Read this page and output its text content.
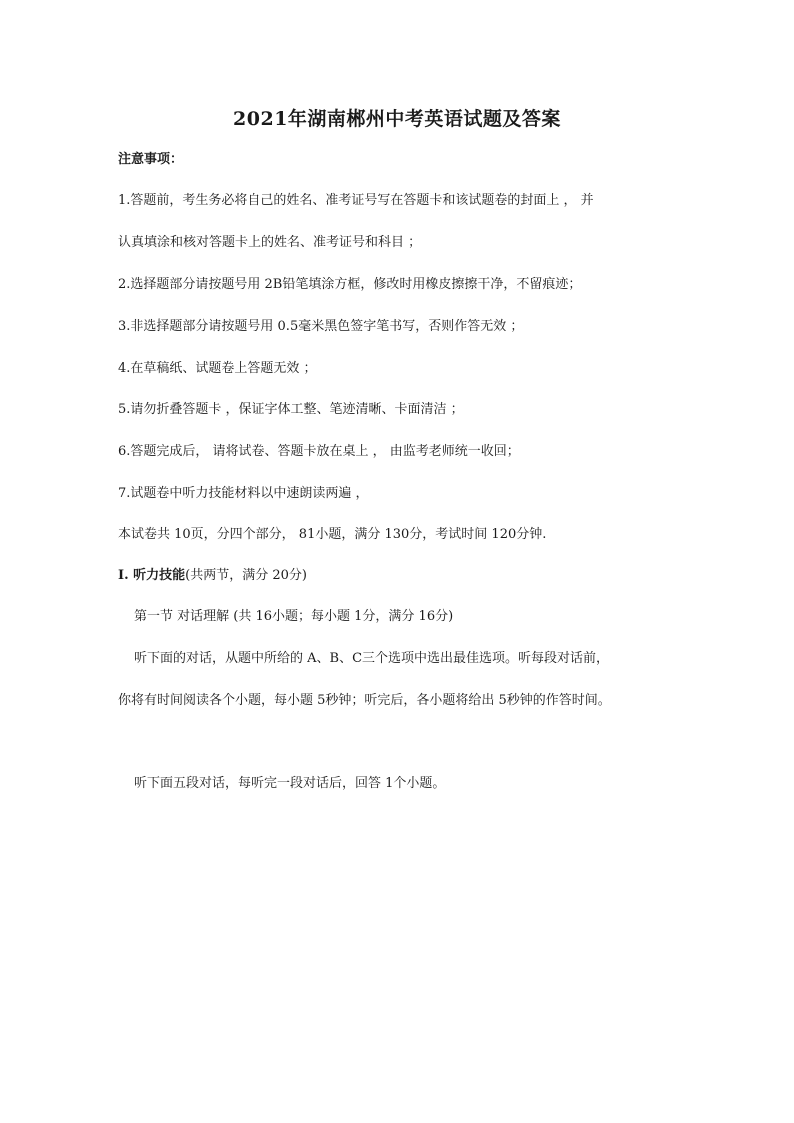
2021年湖南郴州中考英语试题及答案
注意事项：
1.答题前，考生务必将自己的姓名、准考证号写在答题卡和该试题卷的封面上 ， 并
认真填涂和核对答题卡上的姓名、准考证号和科目 ；
2.选择题部分请按题号用 2B铅笔填涂方框，修改时用橡皮擦擦干净，不留痕迹；
3.非选择题部分请按题号用 0.5毫米黑色签字笔书写，否则作答无效 ；
4.在草稿纸、试题卷上答题无效 ；
5.请勿折叠答题卡 ，保证字体工整、笔迹清晰、卡面清洁 ；
6.答题完成后， 请将试卷、答题卡放在桌上 ， 由监考老师统一收回；
7.试题卷中听力技能材料以中速朗读两遍 ，
本试卷共 10页，分四个部分， 81小题，满分 130分，考试时间 120分钟.
I. 听力技能(共两节，满分 20分)
第一节 对话理解 (共 16小题；每小题 1分，满分 16分)
听下面的对话，从题中所给的 A、B、C三个选项中选出最佳选项。听每段对话前，
你将有时间阅读各个小题，每小题 5秒钟；听完后，各小题将给出 5秒钟的作答时间。
听下面五段对话，每听完一段对话后，回答 1个小题。
